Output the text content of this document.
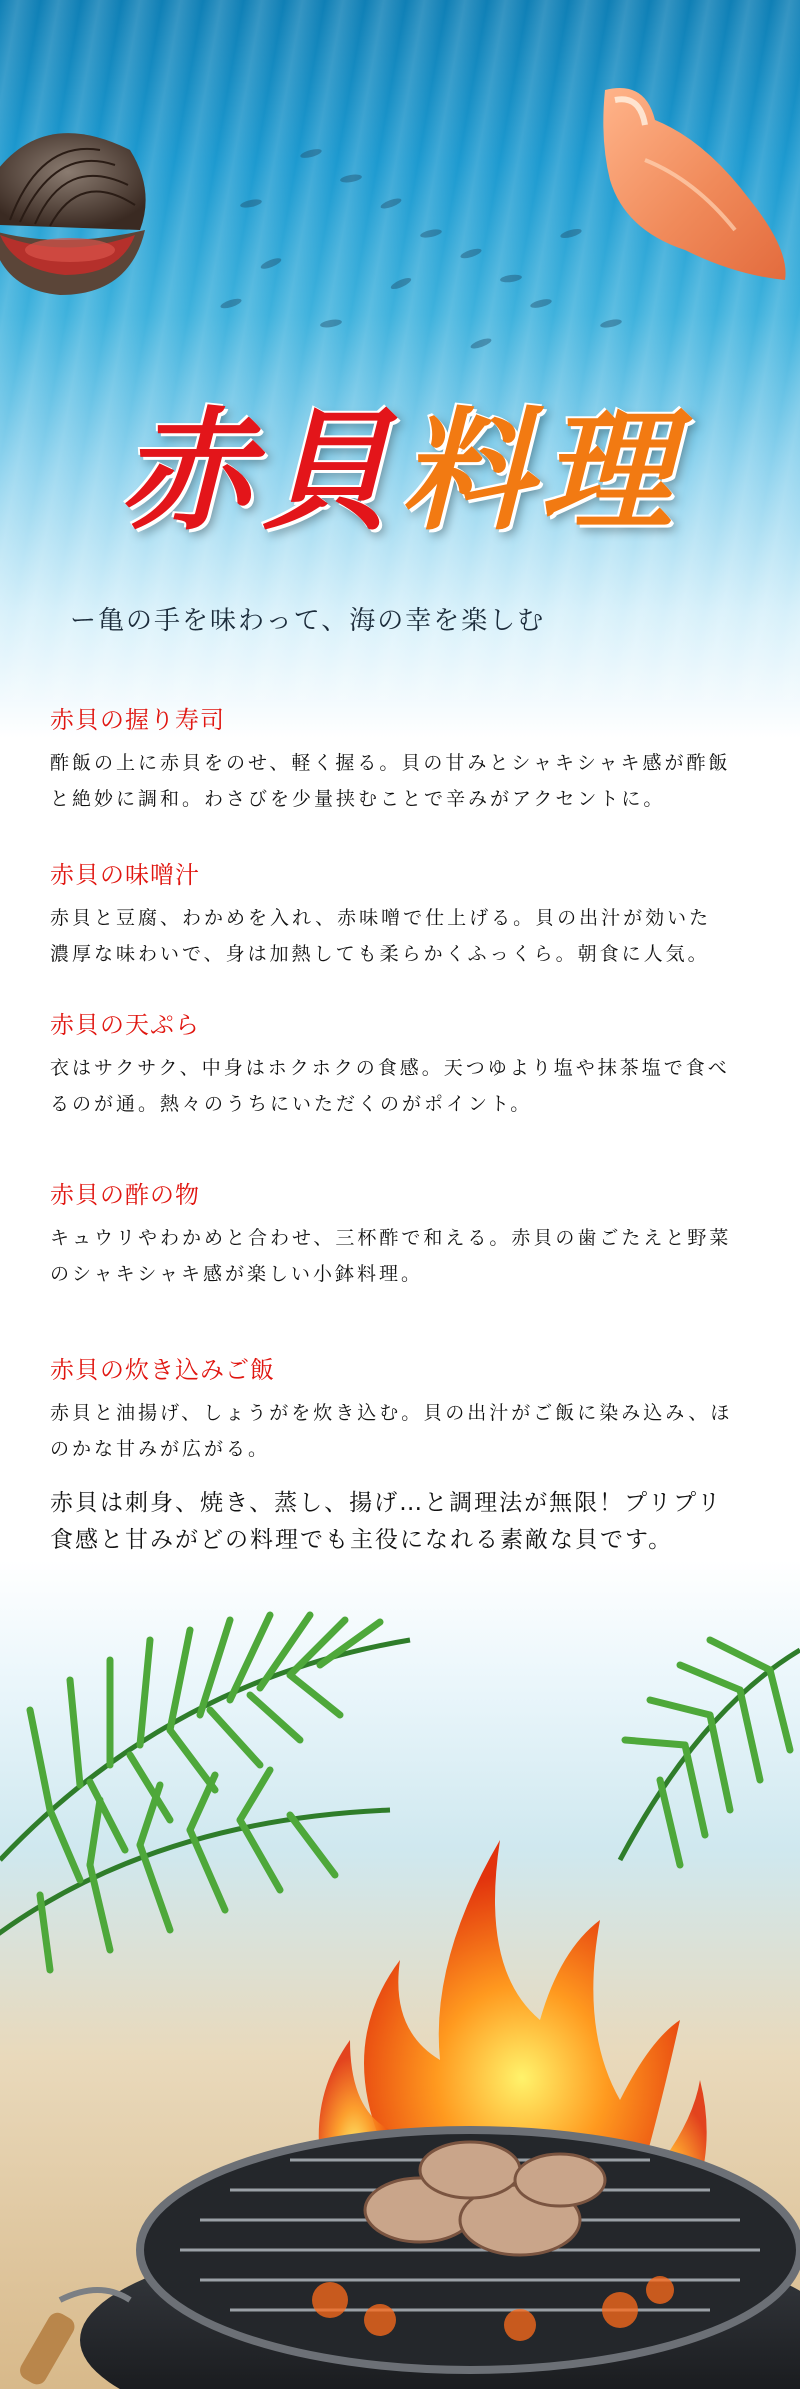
赤貝料理
ー亀の手を味わって、海の幸を楽しむ
赤貝の握り寿司

酢飯の上に赤貝をのせ、軽く握る。貝の甘みとシャキシャキ感が酢飯
と絶妙に調和。わさびを少量挟むことで辛みがアクセントに。

赤貝の味噌汁

赤貝と豆腐、わかめを入れ、赤味噌で仕上げる。貝の出汁が効いた
濃厚な味わいで、身は加熱しても柔らかくふっくら。朝食に人気。

赤貝の天ぷら

衣はサクサク、中身はホクホクの食感。天つゆより塩や抹茶塩で食べ
るのが通。熱々のうちにいただくのがポイント。

赤貝の酢の物

キュウリやわかめと合わせ、三杯酢で和える。赤貝の歯ごたえと野菜
のシャキシャキ感が楽しい小鉢料理。

赤貝の炊き込みご飯

赤貝と油揚げ、しょうがを炊き込む。貝の出汁がご飯に染み込み、ほ
のかな甘みが広がる。

赤貝は刺身、焼き、蒸し、揚げ…と調理法が無限！プリプリ
食感と甘みがどの料理でも主役になれる素敵な貝です。
